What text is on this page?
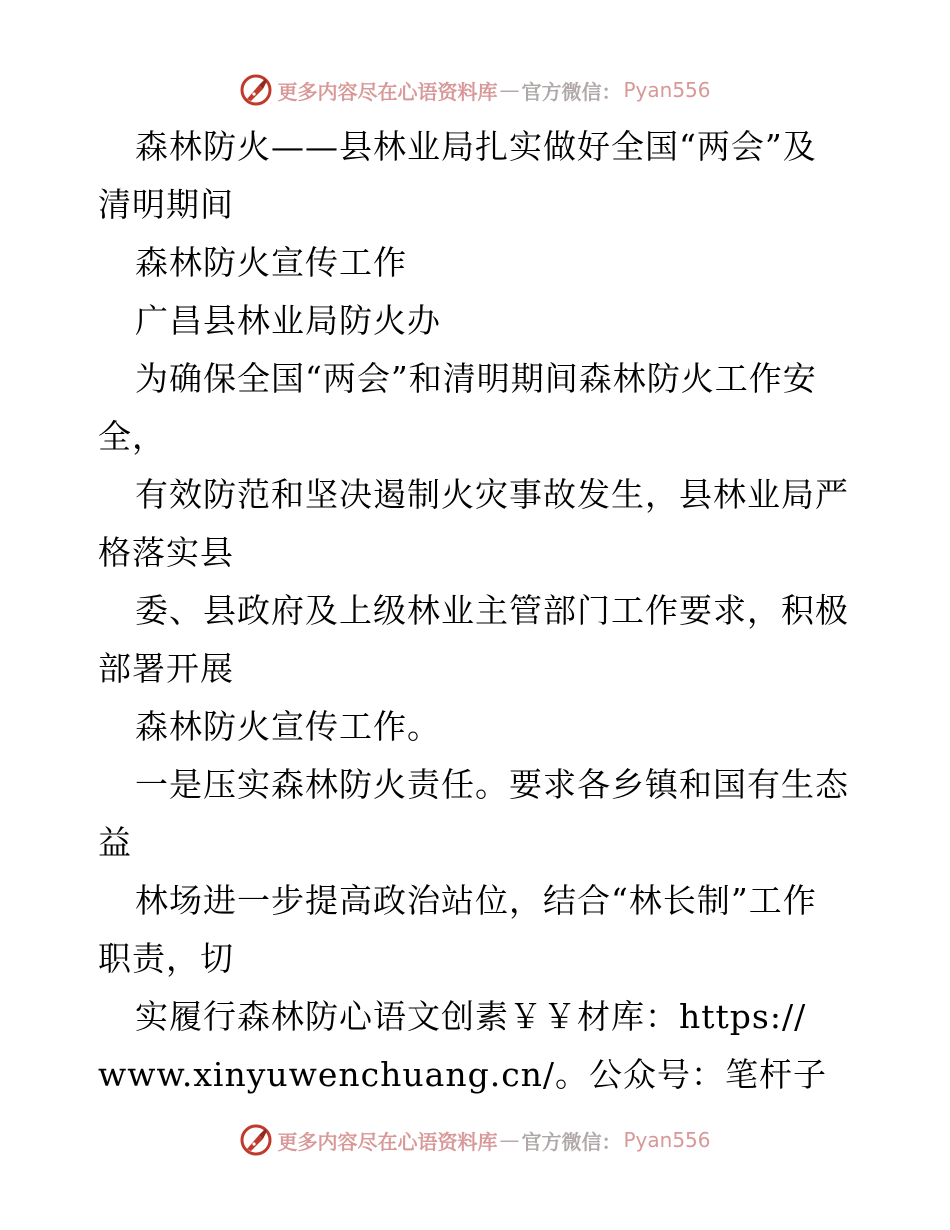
更多内容尽在心语资料库 — 官方微信： Pyan556
森林防火——县林业局扎实做好全国“两会”及
清明期间
森林防火宣传工作
广昌县林业局防火办
为确保全国“两会”和清明期间森林防火工作安
全，
有效防范和坚决遏制火灾事故发生，县林业局严
格落实县
委、县政府及上级林业主管部门工作要求，积极
部署开展
森林防火宣传工作。
一是压实森林防火责任。要求各乡镇和国有生态
益
林场进一步提高政治站位，结合“林长制”工作
职责，切
实履行森林防心语文创素￥￥材库：https://
www.xinyuwenchuang.cn/。公众号：笔杆子
更多内容尽在心语资料库 — 官方微信： Pyan556
